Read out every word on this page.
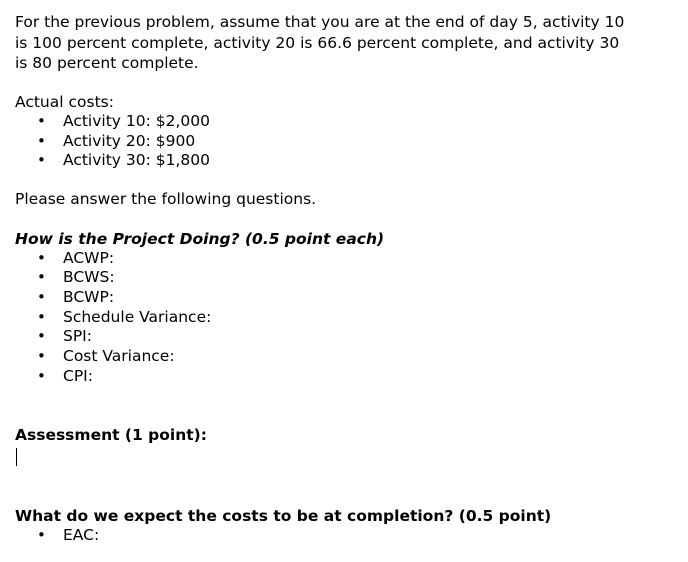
For the previous problem, assume that you are at the end of day 5, activity 10 is 100 percent complete, activity 20 is 66.6 percent complete, and activity 30 is 80 percent complete.

Actual costs:

• Activity 10: $2,000
• Activity 20: $900
• Activity 30: $1,800

Please answer the following questions.

How is the Project Doing? (0.5 point each)

• ACWP:
• BCWS:
• BCWP:
• Schedule Variance:
• SPI:
• Cost Variance:
• CPI:

Assessment (1 point):

What do we expect the costs to be at completion? (0.5 point)

• EAC:
